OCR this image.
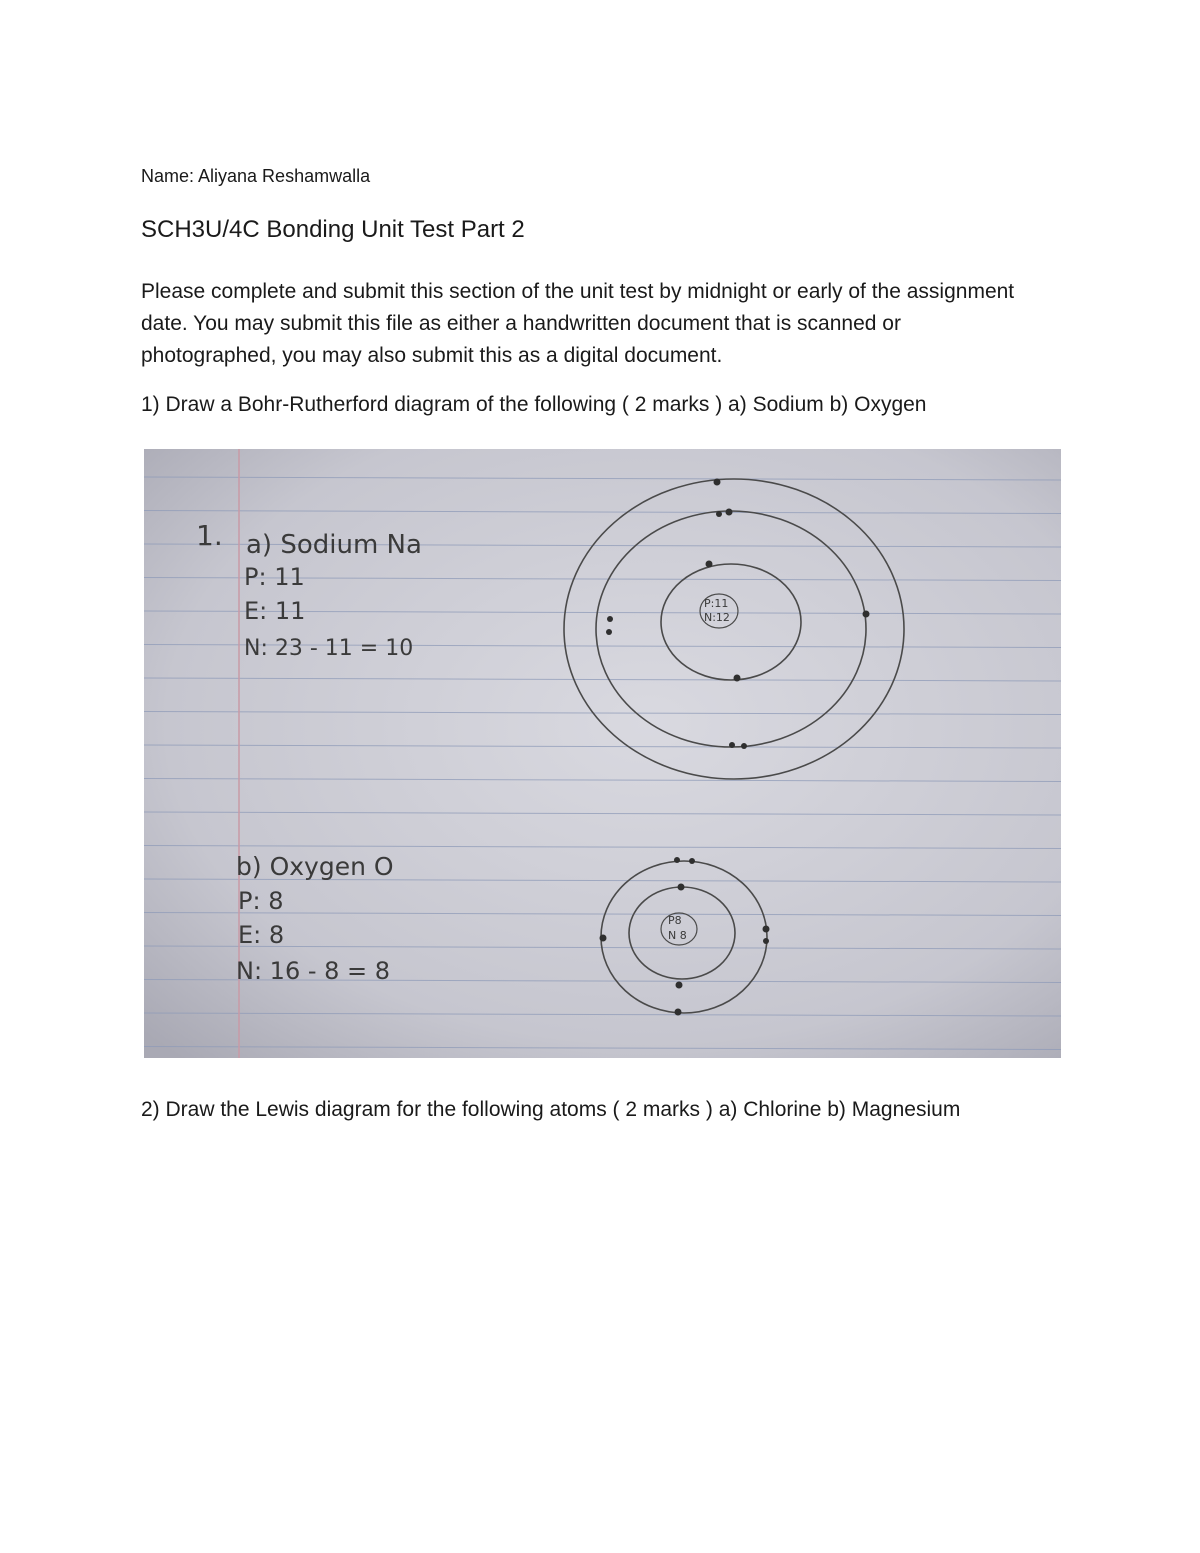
Name: Aliyana Reshamwalla
SCH3U/4C Bonding Unit Test Part 2
Please complete and submit this section of the unit test by midnight or early of the assignment date. You may submit this file as either a handwritten document that is scanned or photographed, you may also submit this as a digital document.
1) Draw a Bohr-Rutherford diagram of the following ( 2 marks ) a) Sodium b) Oxygen
1. a) Sodium Na
P: 11
E: 11
N: 23 - 11 = 10
P:11
N:12
b) Oxygen O
P: 8
E: 8
N: 16 - 8 = 8
P8
N 8
2) Draw the Lewis diagram for the following atoms ( 2 marks ) a) Chlorine b) Magnesium
